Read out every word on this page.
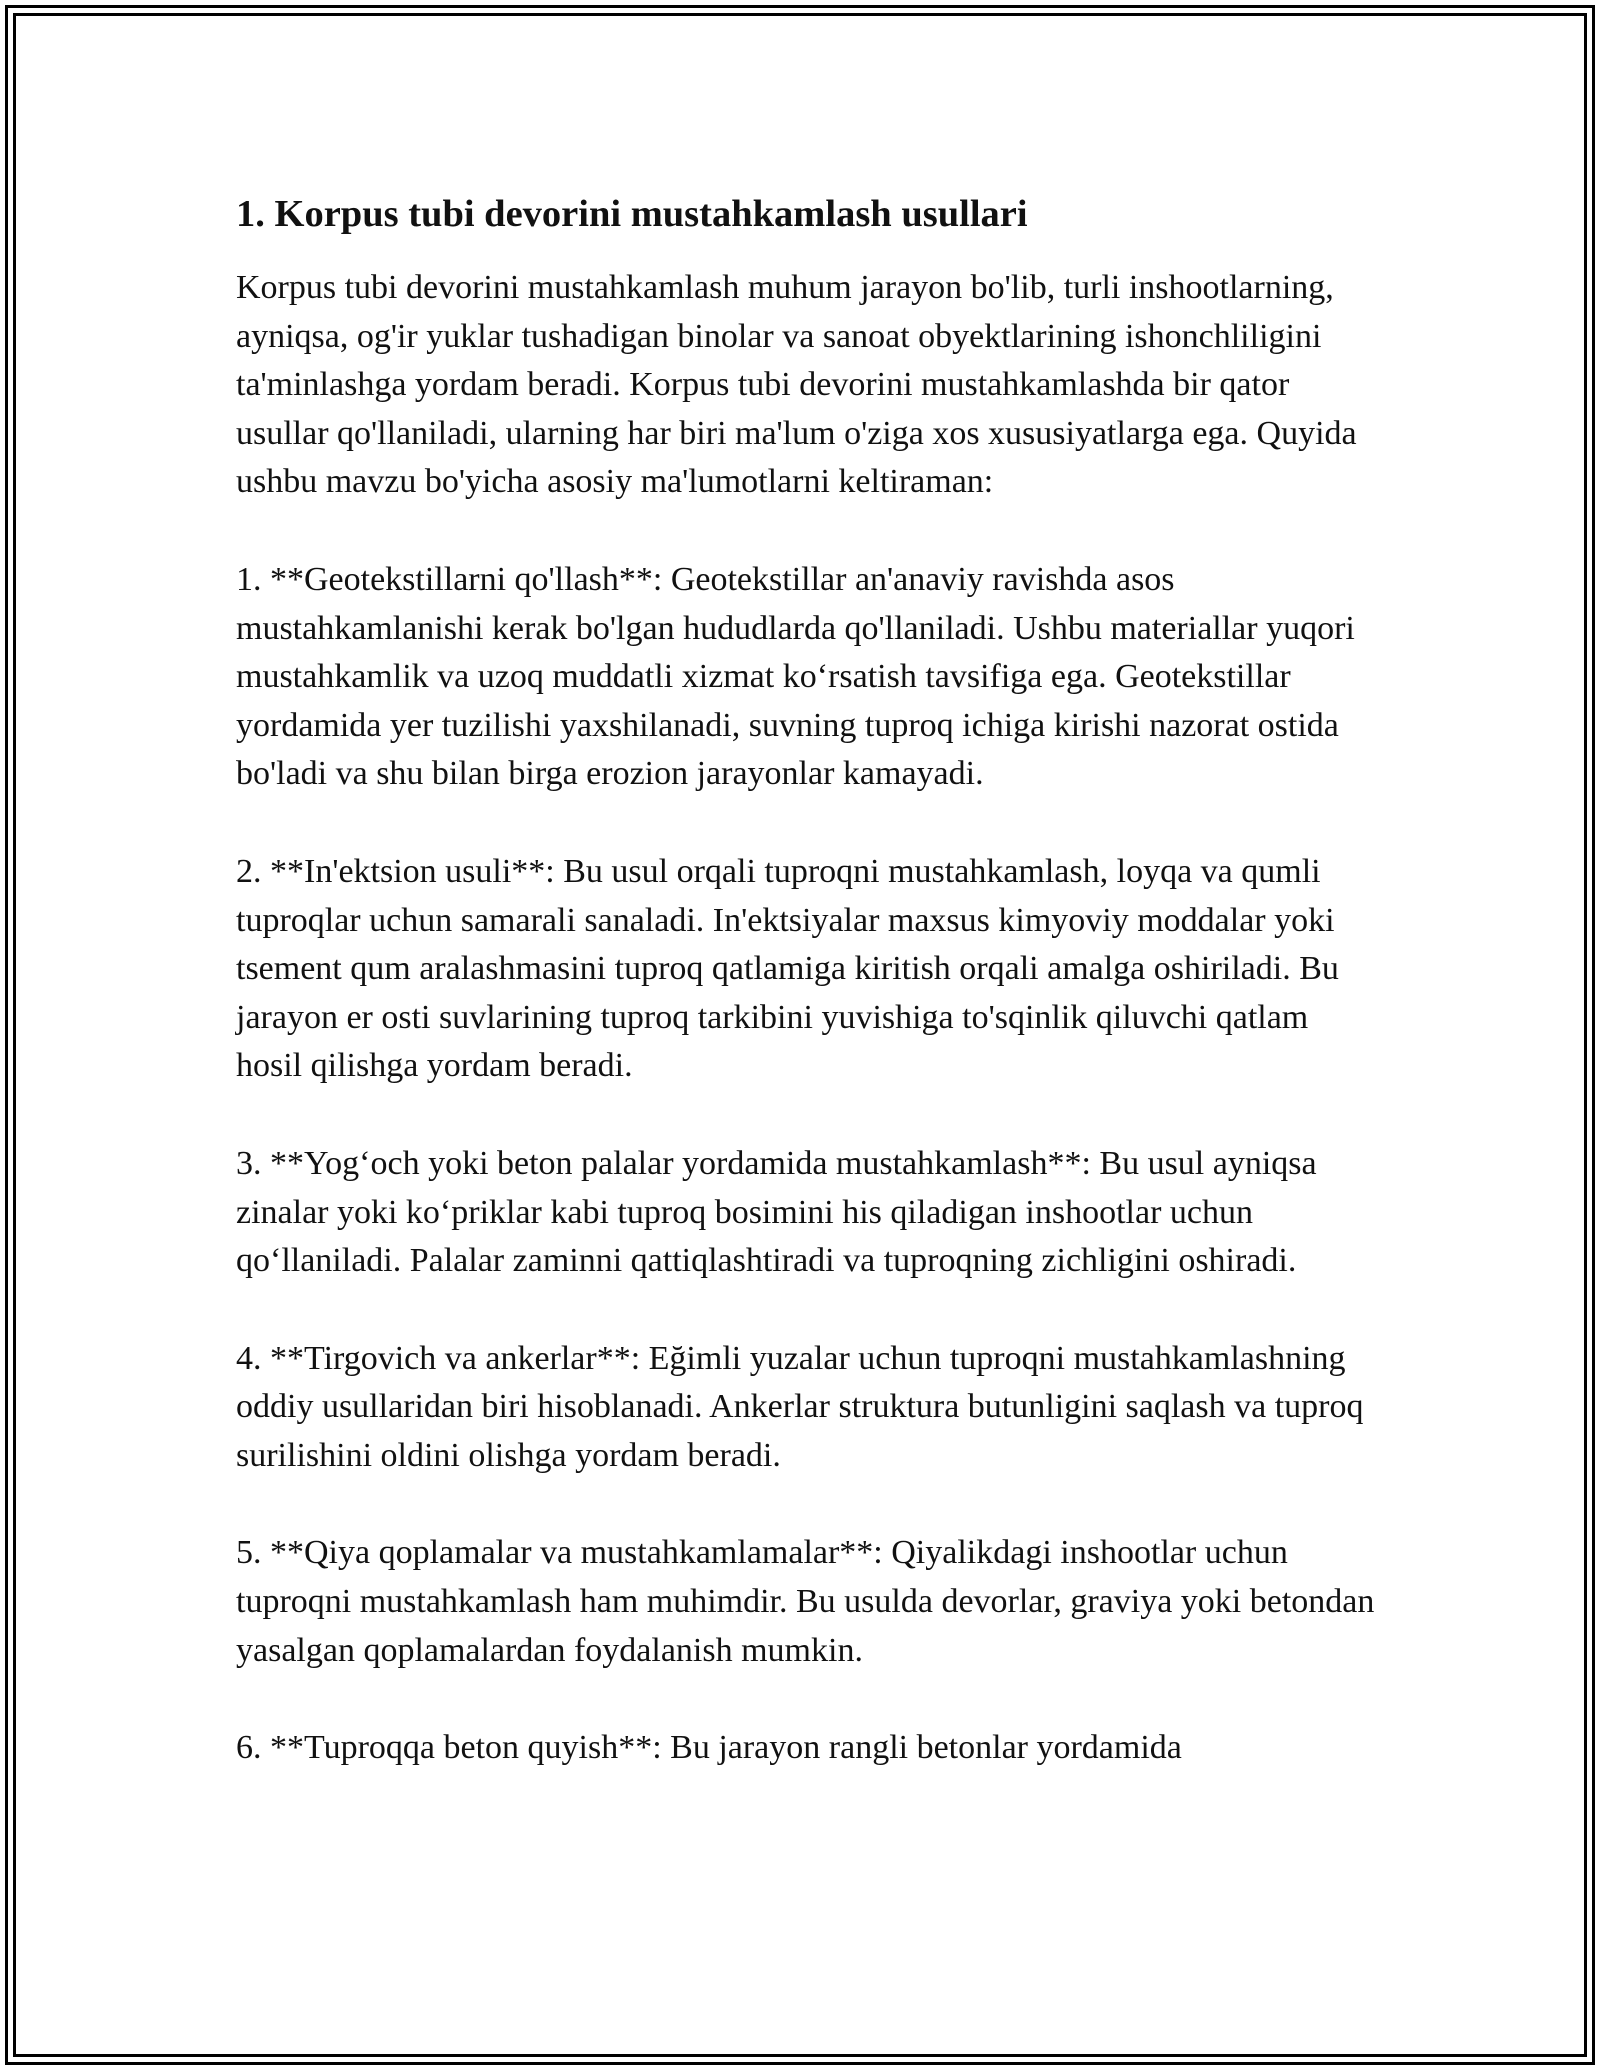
1. Korpus tubi devorini mustahkamlash usullari

Korpus tubi devorini mustahkamlash muhum jarayon bo'lib, turli inshootlarning, ayniqsa, og'ir yuklar tushadigan binolar va sanoat obyektlarining ishonchliligini ta'minlashga yordam beradi. Korpus tubi devorini mustahkamlashda bir qator usullar qo'llaniladi, ularning har biri ma'lum o'ziga xos xususiyatlarga ega. Quyida ushbu mavzu bo'yicha asosiy ma'lumotlarni keltiraman:

1. **Geotekstillarni qo'llash**: Geotekstillar an'anaviy ravishda asos mustahkamlanishi kerak bo'lgan hududlarda qo'llaniladi. Ushbu materiallar yuqori mustahkamlik va uzoq muddatli xizmat ko‘rsatish tavsifiga ega. Geotekstillar yordamida yer tuzilishi yaxshilanadi, suvning tuproq ichiga kirishi nazorat ostida bo'ladi va shu bilan birga erozion jarayonlar kamayadi.

2. **In'ektsion usuli**: Bu usul orqali tuproqni mustahkamlash, loyqa va qumli tuproqlar uchun samarali sanaladi. In'ektsiyalar maxsus kimyoviy moddalar yoki tsement qum aralashmasini tuproq qatlamiga kiritish orqali amalga oshiriladi. Bu jarayon er osti suvlarining tuproq tarkibini yuvishiga to'sqinlik qiluvchi qatlam hosil qilishga yordam beradi.

3. **Yog‘och yoki beton palalar yordamida mustahkamlash**: Bu usul ayniqsa zinalar yoki ko‘priklar kabi tuproq bosimini his qiladigan inshootlar uchun qo‘llaniladi. Palalar zaminni qattiqlashtiradi va tuproqning zichligini oshiradi.

4. **Tirgovich va ankerlar**: Eğimli yuzalar uchun tuproqni mustahkamlashning oddiy usullaridan biri hisoblanadi. Ankerlar struktura butunligini saqlash va tuproq surilishini oldini olishga yordam beradi.

5. **Qiya qoplamalar va mustahkamlamalar**: Qiyalikdagi inshootlar uchun tuproqni mustahkamlash ham muhimdir. Bu usulda devorlar, graviya yoki betondan yasalgan qoplamalardan foydalanish mumkin.

6. **Tuproqqa beton quyish**: Bu jarayon rangli betonlar yordamida
